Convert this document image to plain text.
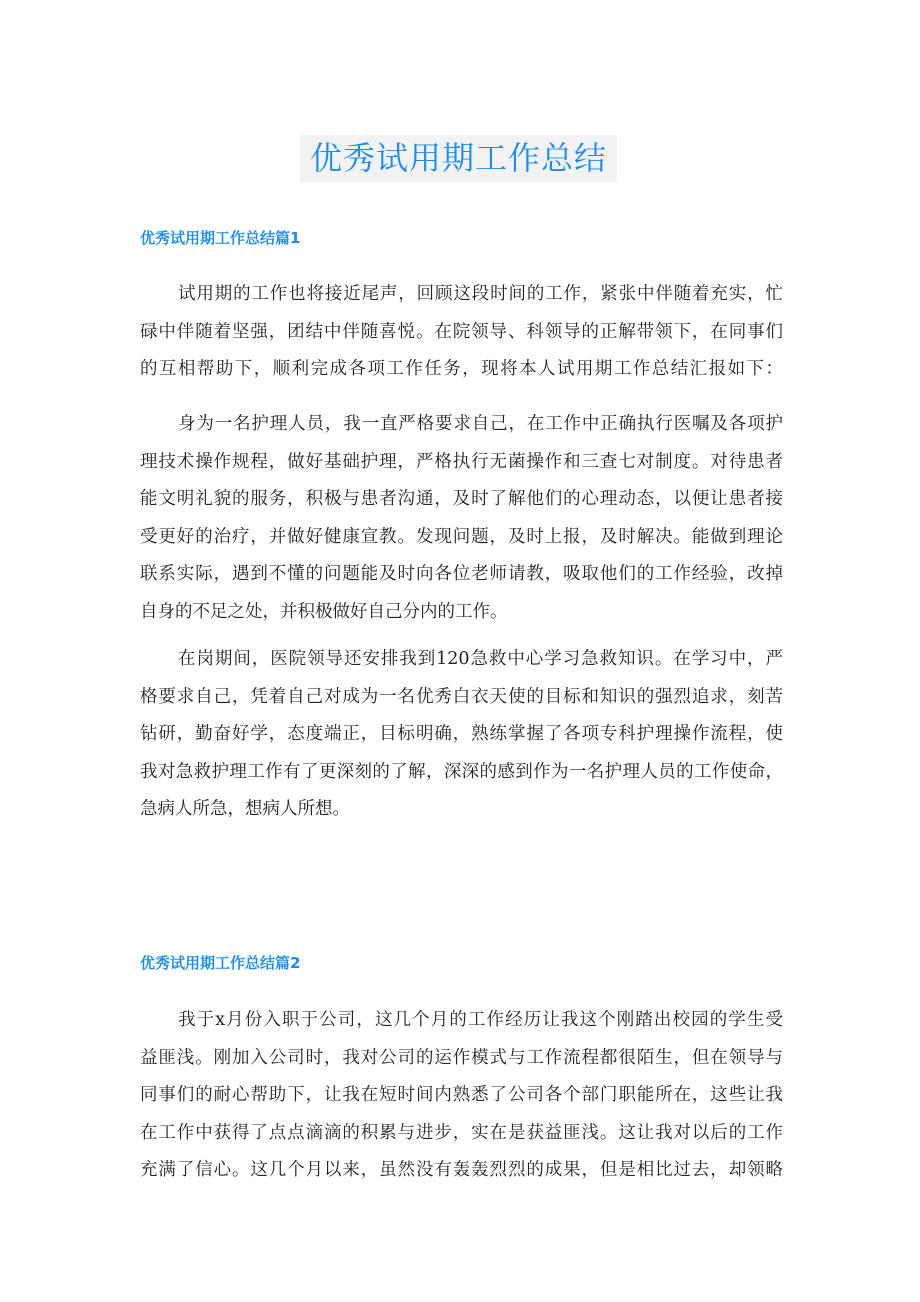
优秀试用期工作总结
优秀试用期工作总结篇1
试用期的工作也将接近尾声，回顾这段时间的工作，紧张中伴随着充实，忙
碌中伴随着坚强，团结中伴随喜悦。在院领导、科领导的正解带领下，在同事们
的互相帮助下，顺利完成各项工作任务，现将本人试用期工作总结汇报如下：
身为一名护理人员，我一直严格要求自己，在工作中正确执行医嘱及各项护
理技术操作规程，做好基础护理，严格执行无菌操作和三查七对制度。对待患者
能文明礼貌的服务，积极与患者沟通，及时了解他们的心理动态，以便让患者接
受更好的治疗，并做好健康宣教。发现问题，及时上报，及时解决。能做到理论
联系实际，遇到不懂的问题能及时向各位老师请教，吸取他们的工作经验，改掉
自身的不足之处，并积极做好自己分内的工作。
在岗期间，医院领导还安排我到120急救中心学习急救知识。在学习中，严
格要求自己，凭着自己对成为一名优秀白衣天使的目标和知识的强烈追求，刻苦
钻研，勤奋好学，态度端正，目标明确，熟练掌握了各项专科护理操作流程，使
我对急救护理工作有了更深刻的了解，深深的感到作为一名护理人员的工作使命，
急病人所急，想病人所想。
优秀试用期工作总结篇2
我于x月份入职于公司，这几个月的工作经历让我这个刚踏出校园的学生受
益匪浅。刚加入公司时，我对公司的运作模式与工作流程都很陌生，但在领导与
同事们的耐心帮助下，让我在短时间内熟悉了公司各个部门职能所在，这些让我
在工作中获得了点点滴滴的积累与进步，实在是获益匪浅。这让我对以后的工作
充满了信心。这几个月以来，虽然没有轰轰烈烈的成果，但是相比过去，却领略
